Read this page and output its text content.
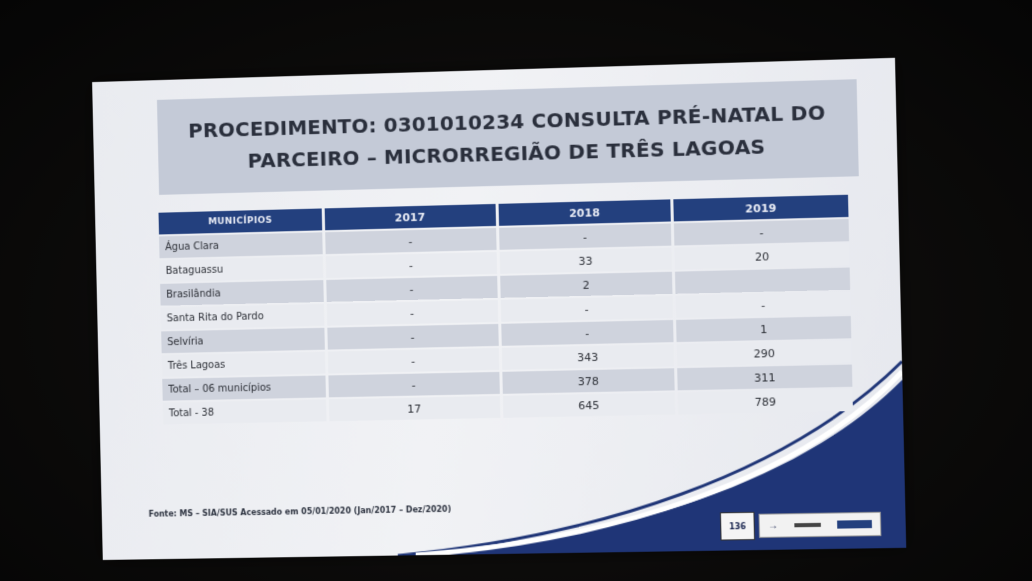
PROCEDIMENTO: 0301010234 CONSULTA PRÉ-NATAL DO
PARCEIRO – MICRORREGIÃO DE TRÊS LAGOAS
MUNICÍPIOS	2017	2018	2019
Água Clara	-	-	-
Bataguassu	-	33	20
Brasilândia	-	2	
Santa Rita do Pardo	-	-	-
Selvíria	-	-	1
Três Lagoas	-	343	290
Total – 06 municípios	-	378	311
Total - 38	17	645	789
Fonte: MS – SIA/SUS Acessado em 05/01/2020 (Jan/2017 – Dez/2020)
136 →
